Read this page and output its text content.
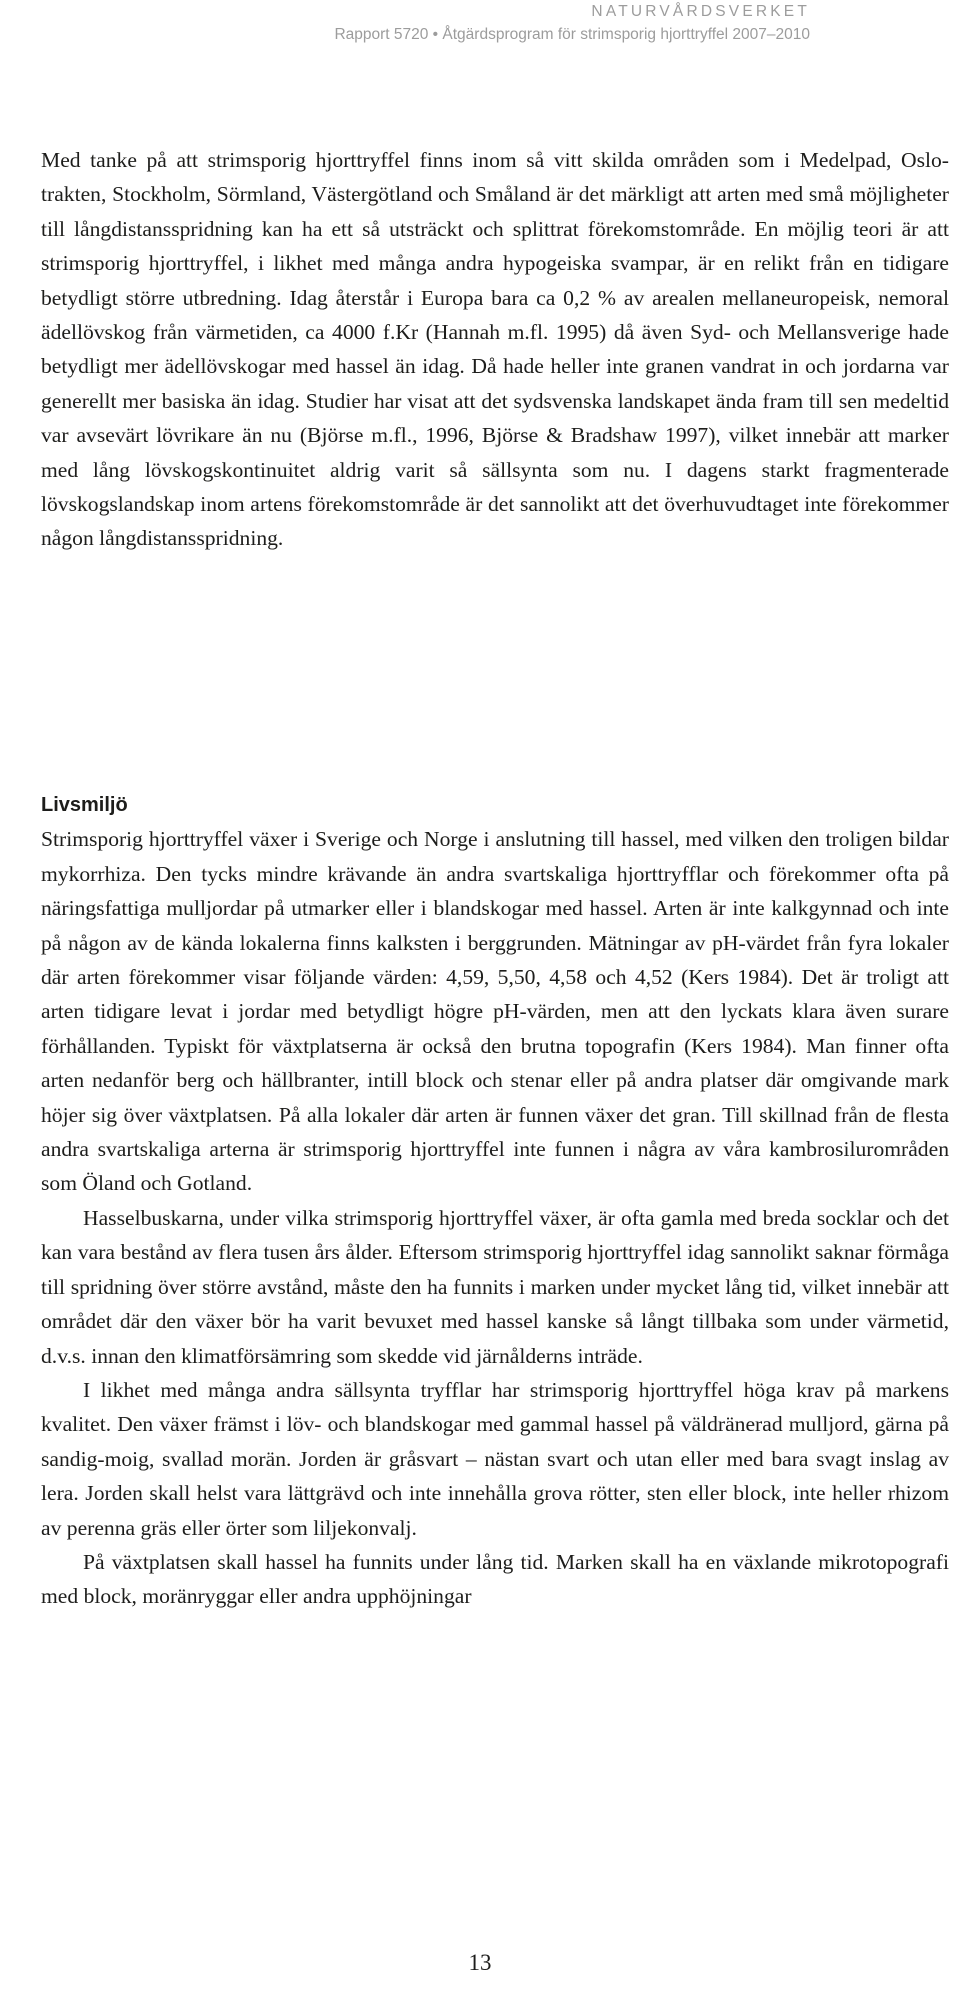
NATURVÅRDSVERKET
Rapport 5720 • Åtgärdsprogram för strimsporig hjorttryffel 2007–2010

Med tanke på att strimsporig hjorttryffel finns inom så vitt skilda områden som i Medelpad, Oslo-trakten, Stockholm, Sörmland, Västergötland och Småland är det märkligt att arten med små möjligheter till långdistansspridning kan ha ett så utsträckt och splittrat förekomstområde. En möjlig teori är att strimsporig hjorttryffel, i likhet med många andra hypogeiska svampar, är en relikt från en tidigare betydligt större utbredning. Idag återstår i Europa bara ca 0,2 % av arealen mellaneuropeisk, nemoral ädellövskog från värmetiden, ca 4000 f.Kr (Hannah m.fl. 1995) då även Syd- och Mellansverige hade betydligt mer ädellövskogar med hassel än idag. Då hade heller inte granen vandrat in och jordarna var generellt mer basiska än idag. Studier har visat att det sydsvenska landskapet ända fram till sen medeltid var avsevärt lövrikare än nu (Björse m.fl., 1996, Björse & Bradshaw 1997), vilket innebär att marker med lång lövskogskontinuitet aldrig varit så sällsynta som nu. I dagens starkt fragmenterade lövskogslandskap inom artens förekomstområde är det sannolikt att det överhuvudtaget inte förekommer någon långdistansspridning.

Livsmiljö

Strimsporig hjorttryffel växer i Sverige och Norge i anslutning till hassel, med vilken den troligen bildar mykorrhiza. Den tycks mindre krävande än andra svartskaliga hjorttryfflar och förekommer ofta på näringsfattiga mulljordar på utmarker eller i blandskogar med hassel. Arten är inte kalkgynnad och inte på någon av de kända lokalerna finns kalksten i berggrunden. Mätningar av pH-värdet från fyra lokaler där arten förekommer visar följande värden: 4,59, 5,50, 4,58 och 4,52 (Kers 1984). Det är troligt att arten tidigare levat i jordar med betydligt högre pH-värden, men att den lyckats klara även surare förhållanden. Typiskt för växtplatserna är också den brutna topografin (Kers 1984). Man finner ofta arten nedanför berg och hällbranter, intill block och stenar eller på andra platser där omgivande mark höjer sig över växtplatsen. På alla lokaler där arten är funnen växer det gran. Till skillnad från de flesta andra svartskaliga arterna är strimsporig hjorttryffel inte funnen i några av våra kambrosilurområden som Öland och Gotland.

Hasselbuskarna, under vilka strimsporig hjorttryffel växer, är ofta gamla med breda socklar och det kan vara bestånd av flera tusen års ålder. Eftersom strimsporig hjorttryffel idag sannolikt saknar förmåga till spridning över större avstånd, måste den ha funnits i marken under mycket lång tid, vilket innebär att området där den växer bör ha varit bevuxet med hassel kanske så långt tillbaka som under värmetid, d.v.s. innan den klimatförsämring som skedde vid järnålderns inträde.

I likhet med många andra sällsynta tryfflar har strimsporig hjorttryffel höga krav på markens kvalitet. Den växer främst i löv- och blandskogar med gammal hassel på väldränerad mulljord, gärna på sandig-moig, svallad morän. Jorden är gråsvart – nästan svart och utan eller med bara svagt inslag av lera. Jorden skall helst vara lättgrävd och inte innehålla grova rötter, sten eller block, inte heller rhizom av perenna gräs eller örter som liljekonvalj.

På växtplatsen skall hassel ha funnits under lång tid. Marken skall ha en växlande mikrotopografi med block, moränryggar eller andra upphöjningar

13
